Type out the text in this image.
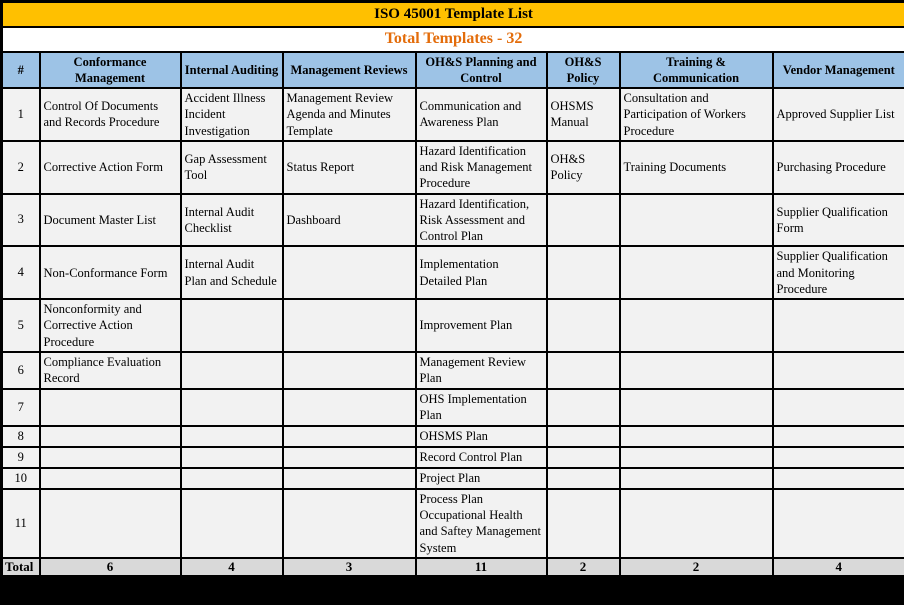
ISO 45001 Template List							
Total Templates - 32							
#	Conformance Management	Internal Auditing	Management Reviews	OH&S Planning and Control	OH&S Policy	Training & Communication	Vendor Management
1	Control Of Documents and Records Procedure	Accident Illness Incident Investigation	Management Review Agenda and Minutes Template	Communication and Awareness Plan	OHSMS Manual	Consultation and Participation of Workers Procedure	Approved Supplier List
2	Corrective Action Form	Gap Assessment Tool	Status Report	Hazard Identification and Risk Management Procedure	OH&S Policy	Training Documents	Purchasing Procedure
3	Document Master List	Internal Audit Checklist	Dashboard	Hazard Identification, Risk Assessment and Control Plan			Supplier Qualification Form
4	Non-Conformance Form	Internal Audit Plan and Schedule		Implementation Detailed Plan			Supplier Qualification and Monitoring Procedure
5	Nonconformity and Corrective Action Procedure			Improvement Plan			
6	Compliance Evaluation Record			Management Review Plan			
7				OHS Implementation Plan			
8				OHSMS Plan			
9				Record Control Plan			
10				Project Plan			
11				Process Plan Occupational Health and Saftey Management System			
Total	6	4	3	11	2	2	4
